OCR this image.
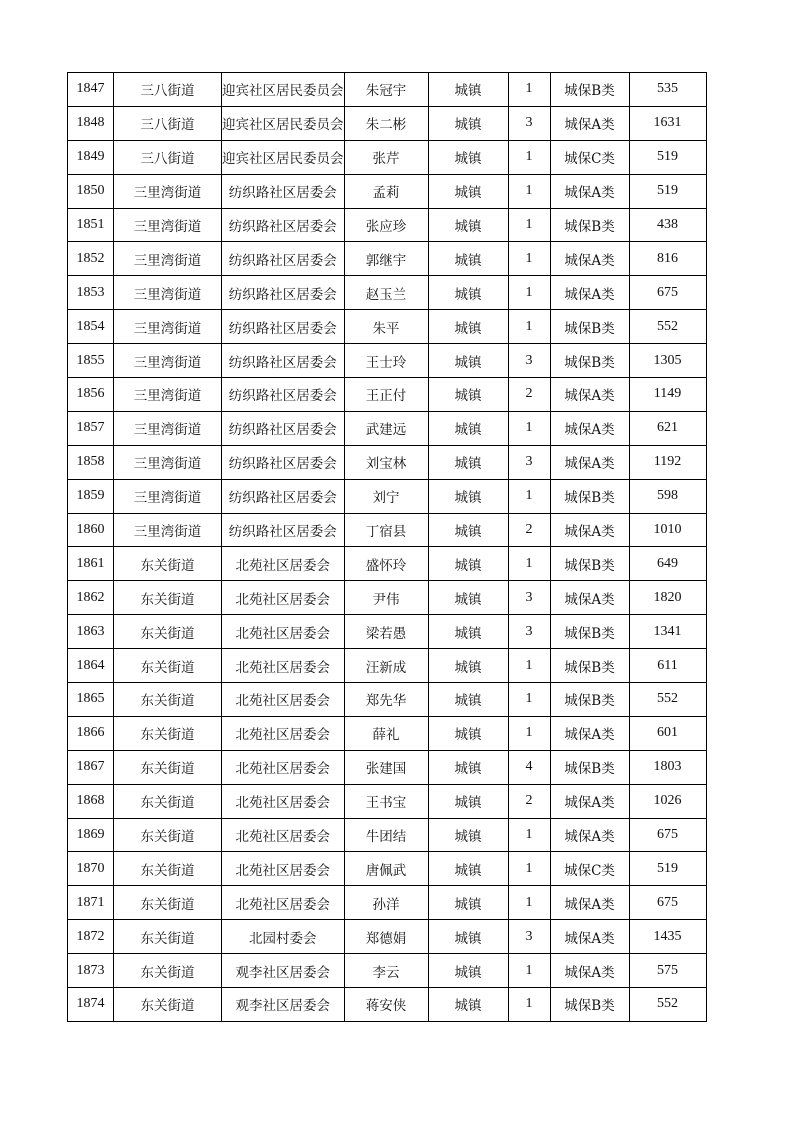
1847	三八街道	迎宾社区居民委员会	朱冠宇	城镇	1	城保B类	535
1848	三八街道	迎宾社区居民委员会	朱二彬	城镇	3	城保A类	1631
1849	三八街道	迎宾社区居民委员会	张芹	城镇	1	城保C类	519
1850	三里湾街道	纺织路社区居委会	孟莉	城镇	1	城保A类	519
1851	三里湾街道	纺织路社区居委会	张应珍	城镇	1	城保B类	438
1852	三里湾街道	纺织路社区居委会	郭继宇	城镇	1	城保A类	816
1853	三里湾街道	纺织路社区居委会	赵玉兰	城镇	1	城保A类	675
1854	三里湾街道	纺织路社区居委会	朱平	城镇	1	城保B类	552
1855	三里湾街道	纺织路社区居委会	王士玲	城镇	3	城保B类	1305
1856	三里湾街道	纺织路社区居委会	王正付	城镇	2	城保A类	1149
1857	三里湾街道	纺织路社区居委会	武建远	城镇	1	城保A类	621
1858	三里湾街道	纺织路社区居委会	刘宝林	城镇	3	城保A类	1192
1859	三里湾街道	纺织路社区居委会	刘宁	城镇	1	城保B类	598
1860	三里湾街道	纺织路社区居委会	丁宿县	城镇	2	城保A类	1010
1861	东关街道	北苑社区居委会	盛怀玲	城镇	1	城保B类	649
1862	东关街道	北苑社区居委会	尹伟	城镇	3	城保A类	1820
1863	东关街道	北苑社区居委会	梁若愚	城镇	3	城保B类	1341
1864	东关街道	北苑社区居委会	汪新成	城镇	1	城保B类	611
1865	东关街道	北苑社区居委会	郑先华	城镇	1	城保B类	552
1866	东关街道	北苑社区居委会	薛礼	城镇	1	城保A类	601
1867	东关街道	北苑社区居委会	张建国	城镇	4	城保B类	1803
1868	东关街道	北苑社区居委会	王书宝	城镇	2	城保A类	1026
1869	东关街道	北苑社区居委会	牛团结	城镇	1	城保A类	675
1870	东关街道	北苑社区居委会	唐佩武	城镇	1	城保C类	519
1871	东关街道	北苑社区居委会	孙洋	城镇	1	城保A类	675
1872	东关街道	北园村委会	郑德娟	城镇	3	城保A类	1435
1873	东关街道	观李社区居委会	李云	城镇	1	城保A类	575
1874	东关街道	观李社区居委会	蒋安侠	城镇	1	城保B类	552
